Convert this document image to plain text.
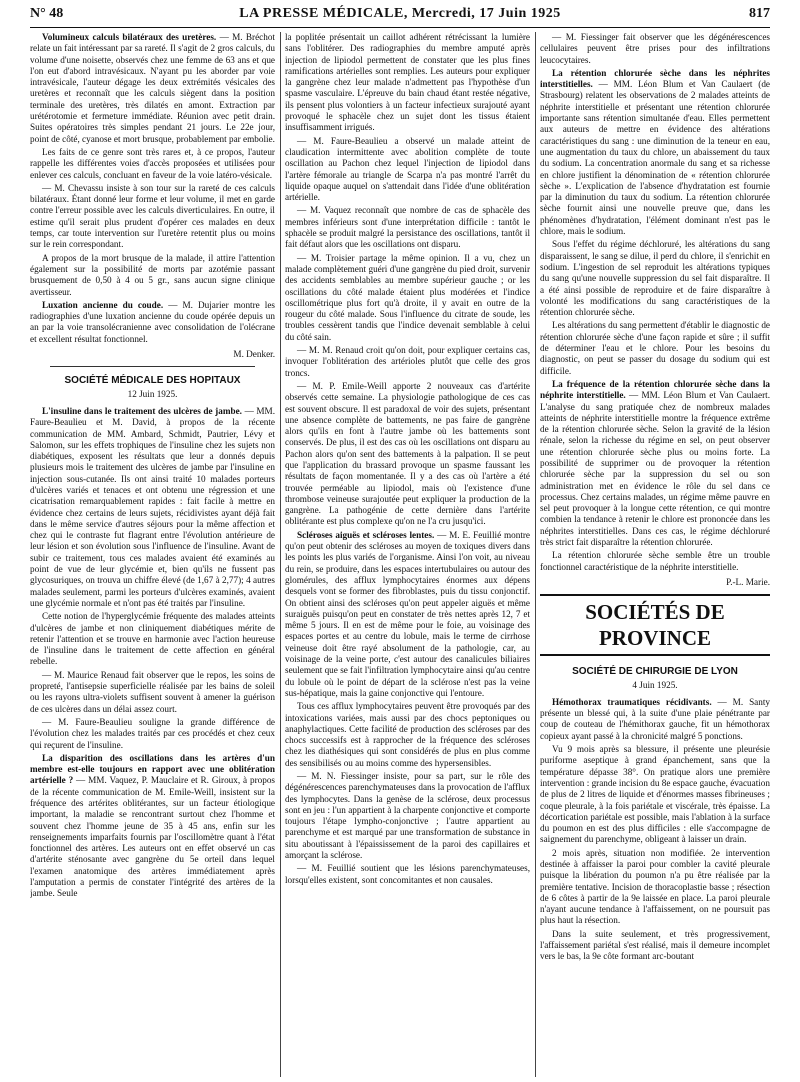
N° 48	LA PRESSE MÉDICALE, Mercredi, 17 Juin 1925	817

Volumineux calculs bilatéraux des uretères. — M. Bréchot relate un fait intéressant par sa rareté. Il s'agit de 2 gros calculs, du volume d'une noisette, observés chez une femme de 63 ans et que l'on eut d'abord intravésicaux. N'ayant pu les aborder par voie intravésicale, l'auteur dégage les deux extrémités vésicales des uretères et reconnaît que les calculs siègent dans la position terminale des uretères, très dilatés en amont. Extraction par urétérotomie et fermeture immédiate. Réunion avec petit drain. Suites opératoires très simples pendant 21 jours. Le 22e jour, point de côté, cyanose et mort brusque, probablement par embolie.

Les faits de ce genre sont très rares et, à ce propos, l'auteur rappelle les différentes voies d'accès proposées et utilisées pour enlever ces calculs, concluant en faveur de la voie latéro-vésicale.

— M. Chevassu insiste à son tour sur la rareté de ces calculs bilatéraux. Étant donné leur forme et leur volume, il met en garde contre l'erreur possible avec les calculs diverticulaires. En outre, il estime qu'il serait plus prudent d'opérer ces malades en deux temps, car toute intervention sur l'uretère retentit plus ou moins sur le rein correspondant.

A propos de la mort brusque de la malade, il attire l'attention également sur la possibilité de morts par azotémie passant brusquement de 0,50 à 4 ou 5 gr., sans aucun signe clinique avertisseur.

Luxation ancienne du coude. — M. Dujarier montre les radiographies d'une luxation ancienne du coude opérée depuis un an par la voie transolécranienne avec consolidation de l'olécrane et excellent résultat fonctionnel.

M. Denker.

SOCIÉTÉ MÉDICALE DES HOPITAUX

12 Juin 1925.

L'insuline dans le traitement des ulcères de jambe. — MM. Faure-Beaulieu et M. David, à propos de la récente communication de MM. Ambard, Schmidt, Pautrier, Lévy et Salomon, sur les effets trophiques de l'insuline chez les sujets non diabétiques, exposent les résultats que leur a donnés depuis plusieurs mois le traitement des ulcères de jambe par l'insuline en injection sous-cutanée. Ils ont ainsi traité 10 malades porteurs d'ulcères variés et tenaces et ont obtenu une régression et une cicatrisation remarquablement rapides : fait facile à mettre en évidence chez certains de leurs sujets, récidivistes ayant déjà fait dans le même service d'autres séjours pour la même affection et chez qui le contraste fut flagrant entre l'évolution antérieure de leur lésion et son évolution sous l'influence de l'insuline. Avant de subir ce traitement, tous ces malades avaient été examinés au point de vue de leur glycémie et, bien qu'ils ne fussent pas glycosuriques, on trouva un chiffre élevé (de 1,67 à 2,77); 4 autres malades seulement, parmi les porteurs d'ulcères examinés, avaient une glycémie normale et n'ont pas été traités par l'insuline.

Cette notion de l'hyperglycémie fréquente des malades atteints d'ulcères de jambe et non cliniquement diabétiques mérite de retenir l'attention et se trouve en harmonie avec l'action heureuse de l'insuline dans le traitement de cette affection en général rebelle.

— M. Maurice Renaud fait observer que le repos, les soins de propreté, l'antisepsie superficielle réalisée par les bains de soleil ou les rayons ultra-violets suffisent souvent à amener la guérison de ces ulcères dans un délai assez court.

— M. Faure-Beaulieu souligne la grande différence de l'évolution chez les malades traités par ces procédés et chez ceux qui reçurent de l'insuline.

La disparition des oscillations dans les artères d'un membre est-elle toujours en rapport avec une oblitération artérielle ? — MM. Vaquez, P. Mauclaire et R. Giroux, à propos de la récente communication de M. Emile-Weill, insistent sur la fréquence des artérites oblitérantes, sur un facteur étiologique important, la maladie se rencontrant surtout chez l'homme et souvent chez l'homme jeune de 35 à 45 ans, enfin sur les renseignements imparfaits fournis par l'oscillomètre quant à l'état fonctionnel des artères. Les auteurs ont en effet observé un cas d'artérite sténosante avec gangrène du 5e orteil dans lequel l'examen anatomique des artères immédiatement après l'amputation a permis de constater l'intégrité des artères de la jambe. Seule

la poplitée présentait un caillot adhérent rétrécissant la lumière sans l'oblitérer. Des radiographies du membre amputé après injection de lipiodol permettent de constater que les plus fines ramifications artérielles sont remplies. Les auteurs pour expliquer la gangrène chez leur malade n'admettent pas l'hypothèse d'un spasme vasculaire. L'épreuve du bain chaud étant restée négative, ils pensent plus volontiers à un facteur infectieux surajouté ayant provoqué le sphacèle chez un sujet dont les tissus étaient insuffisamment irrigués.

— M. Faure-Beaulieu a observé un malade atteint de claudication intermittente avec abolition complète de toute oscillation au Pachon chez lequel l'injection de lipiodol dans l'artère fémorale au triangle de Scarpa n'a pas montré l'arrêt du liquide opaque auquel on s'attendait dans l'idée d'une oblitération artérielle.

— M. Vaquez reconnaît que nombre de cas de sphacèle des membres inférieurs sont d'une interprétation difficile : tantôt le sphacèle se produit malgré la persistance des oscillations, tantôt il fait défaut alors que les oscillations ont disparu.

— M. Troisier partage la même opinion. Il a vu, chez un malade complètement guéri d'une gangrène du pied droit, survenir des accidents semblables au membre supérieur gauche ; or les oscillations du côté malade étaient plus modérées et l'indice oscillométrique plus fort qu'à droite, il y avait en outre de la rougeur du côté malade. Sous l'influence du citrate de soude, les troubles cessèrent tandis que l'indice devenait semblable à celui du côté sain.

— M. M. Renaud croit qu'on doit, pour expliquer certains cas, invoquer l'oblitération des artérioles plutôt que celle des gros troncs.

— M. P. Emile-Weill apporte 2 nouveaux cas d'artérite observés cette semaine. La physiologie pathologique de ces cas est souvent obscure. Il est paradoxal de voir des sujets, présentant une absence complète de battements, ne pas faire de gangrène alors qu'ils en font à l'autre jambe où les battements sont conservés. De plus, il est des cas où les oscillations ont disparu au Pachon alors qu'on sent des battements à la palpation. Il se peut que l'application du brassard provoque un spasme faussant les résultats de façon momentanée. Il y a des cas où l'artère a été trouvée perméable au lipiodol, mais où l'existence d'une thrombose veineuse surajoutée peut expliquer la production de la gangrène. La pathogénie de cette dernière dans l'artérite oblitérante est plus complexe qu'on ne l'a cru jusqu'ici.

Scléroses aiguës et scléroses lentes. — M. E. Feuillié montre qu'on peut obtenir des scléroses au moyen de toxiques divers dans les points les plus variés de l'organisme. Ainsi l'on voit, au niveau du rein, se produire, dans les espaces intertubulaires ou autour des glomérules, des afflux lymphocytaires énormes aux dépens desquels vont se former des fibroblastes, puis du tissu conjonctif. On obtient ainsi des scléroses qu'on peut appeler aiguës et même suraiguës puisqu'on peut en constater de très nettes après 12, 7 et même 5 jours. Il en est de même pour le foie, au voisinage des espaces portes et au centre du lobule, mais le terme de cirrhose veineuse doit être rayé absolument de la pathologie, car, au voisinage de la veine porte, c'est autour des canalicules biliaires seulement que se fait l'infiltration lymphocytaire ainsi qu'au centre du lobule où le point de départ de la sclérose n'est pas la veine sus-hépatique, mais la gaine conjonctive qui l'entoure.

Tous ces afflux lymphocytaires peuvent être provoqués par des intoxications variées, mais aussi par des chocs peptoniques ou anaphylactiques. Cette facilité de production des scléroses par des chocs successifs est à rapprocher de la fréquence des scléroses chez les diathésiques qui sont considérés de plus en plus comme des sensibilisés ou au moins comme des hypersensibles.

— M. N. Fiessinger insiste, pour sa part, sur le rôle des dégénérescences parenchymateuses dans la provocation de l'afflux des lymphocytes. Dans la genèse de la sclérose, deux processus sont en jeu : l'un appartient à la charpente conjonctive et comporte toujours l'étape lympho-conjonctive ; l'autre appartient au parenchyme et est marqué par une transformation de substance in situ aboutissant à l'épaississement de la paroi des capillaires et amorçant la sclérose.

— M. Feuillié soutient que les lésions parenchymateuses, lorsqu'elles existent, sont concomitantes et non causales.

— M. Fiessinger fait observer que les dégénérescences cellulaires peuvent être prises pour des infiltrations leucocytaires.

La rétention chlorurée sèche dans les néphrites interstitielles. — MM. Léon Blum et Van Caulaert (de Strasbourg) relatent les observations de 2 malades atteints de néphrite interstitielle et présentant une rétention chlorurée importante sans rétention simultanée d'eau. Elles permettent aux auteurs de mettre en évidence des altérations caractéristiques du sang : une diminution de la teneur en eau, une augmentation du taux du chlore, un abaissement du taux du sodium. La concentration anormale du sang et sa richesse en chlore justifient la dénomination de « rétention chlorurée sèche ». L'explication de l'absence d'hydratation est fournie par la diminution du taux du sodium. La rétention chlorurée sèche fournit ainsi une nouvelle preuve que, dans les phénomènes d'hydratation, l'élément dominant n'est pas le chlore, mais le sodium.

Sous l'effet du régime déchloruré, les altérations du sang disparaissent, le sang se dilue, il perd du chlore, il s'enrichit en sodium. L'ingestion de sel reproduit les altérations typiques du sang qu'une nouvelle suppression du sel fait disparaître. Il a été ainsi possible de reproduire et de faire disparaître à volonté les modifications du sang caractéristiques de la rétention chlorurée sèche.

Les altérations du sang permettent d'établir le diagnostic de rétention chlorurée sèche d'une façon rapide et sûre ; il suffit de déterminer l'eau et le chlore. Pour les besoins du diagnostic, on peut se passer du dosage du sodium qui est difficile.

La fréquence de la rétention chlorurée sèche dans la néphrite interstitielle. — MM. Léon Blum et Van Caulaert. L'analyse du sang pratiquée chez de nombreux malades atteints de néphrite interstitielle montre la fréquence extrême de la rétention chlorurée sèche. Selon la gravité de la lésion rénale, selon la richesse du régime en sel, on peut observer une rétention chlorurée sèche plus ou moins forte. La possibilité de supprimer ou de provoquer la rétention chlorurée sèche par la suppression du sel ou son administration met en évidence le rôle du sel dans ce processus. Chez certains malades, un régime même pauvre en sel peut provoquer à la longue cette rétention, ce qui montre combien la tendance à retenir le chlore est prononcée dans les néphrites interstitielles. Dans ces cas, le régime déchloruré très strict fait disparaître la rétention chlorurée.

La rétention chlorurée sèche semble être un trouble fonctionnel caractéristique de la néphrite interstitielle.

P.-L. Marie.

SOCIÉTÉS DE PROVINCE

SOCIÉTÉ DE CHIRURGIE DE LYON

4 Juin 1925.

Hémothorax traumatiques récidivants. — M. Santy présente un blessé qui, à la suite d'une plaie pénétrante par coup de couteau de l'hémithorax gauche, fit un hémothorax copieux ayant passé à la chronicité malgré 5 ponctions.

Vu 9 mois après sa blessure, il présente une pleurésie puriforme aseptique à grand épanchement, sans que la température dépasse 38°. On pratique alors une première intervention : grande incision du 8e espace gauche, évacuation de plus de 2 litres de liquide et d'énormes masses fibrineuses ; coque pleurale, à la fois pariétale et viscérale, très épaisse. La décortication pariétale est possible, mais l'ablation à la surface du poumon en est des plus difficiles : elle s'accompagne de saignement du parenchyme, obligeant à laisser un drain.

2 mois après, situation non modifiée. 2e intervention destinée à affaisser la paroi pour combler la cavité pleurale puisque la libération du poumon n'a pu être réalisée par la première tentative. Incision de thoracoplastie basse ; résection de 6 côtes à partir de la 9e laissée en place. La paroi pleurale n'ayant aucune tendance à l'affaissement, on ne poursuit pas plus haut la résection.

Dans la suite seulement, et très progressivement, l'affaissement pariétal s'est réalisé, mais il demeure incomplet vers le bas, la 9e côte formant arc-boutant
